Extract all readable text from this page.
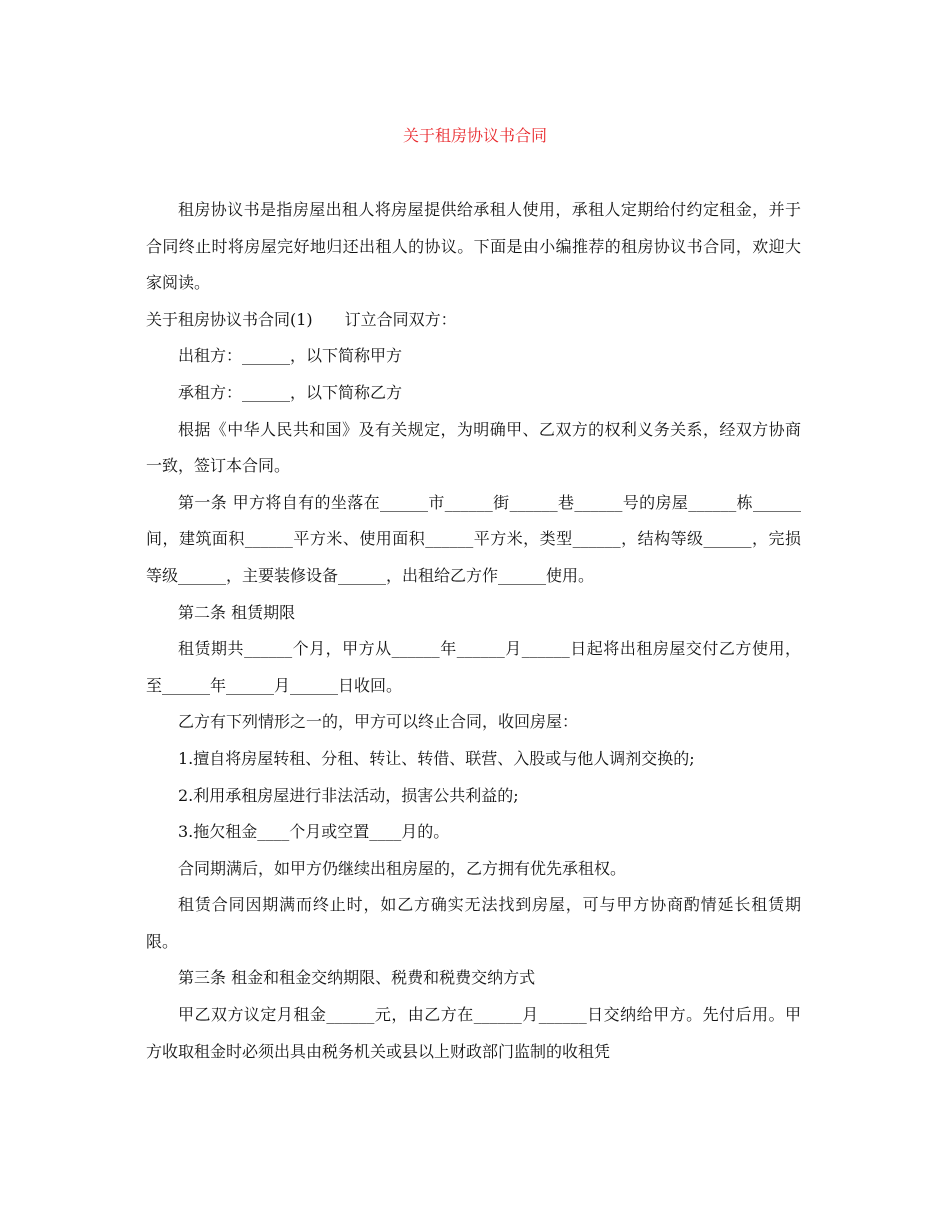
关于租房协议书合同

租房协议书是指房屋出租人将房屋提供给承租人使用，承租人定期给付约定租金，并于合同终止时将房屋完好地归还出租人的协议。下面是由小编推荐的租房协议书合同，欢迎大家阅读。

关于租房协议书合同(1) 订立合同双方：

出租方：______，以下简称甲方

承租方：______，以下简称乙方

根据《中华人民共和国》及有关规定，为明确甲、乙双方的权利义务关系，经双方协商一致，签订本合同。

第一条 甲方将自有的坐落在______市______街______巷______号的房屋______栋______间，建筑面积______平方米、使用面积______平方米，类型______，结构等级______，完损等级______，主要装修设备______，出租给乙方作______使用。

第二条 租赁期限

租赁期共______个月，甲方从______年______月______日起将出租房屋交付乙方使用，至______年______月______日收回。

乙方有下列情形之一的，甲方可以终止合同，收回房屋：

1.擅自将房屋转租、分租、转让、转借、联营、入股或与他人调剂交换的;

2.利用承租房屋进行非法活动，损害公共利益的;

3.拖欠租金____个月或空置____月的。

合同期满后，如甲方仍继续出租房屋的，乙方拥有优先承租权。

租赁合同因期满而终止时，如乙方确实无法找到房屋，可与甲方协商酌情延长租赁期限。

第三条 租金和租金交纳期限、税费和税费交纳方式

甲乙双方议定月租金______元，由乙方在______月______日交纳给甲方。先付后用。甲方收取租金时必须出具由税务机关或县以上财政部门监制的收租凭
